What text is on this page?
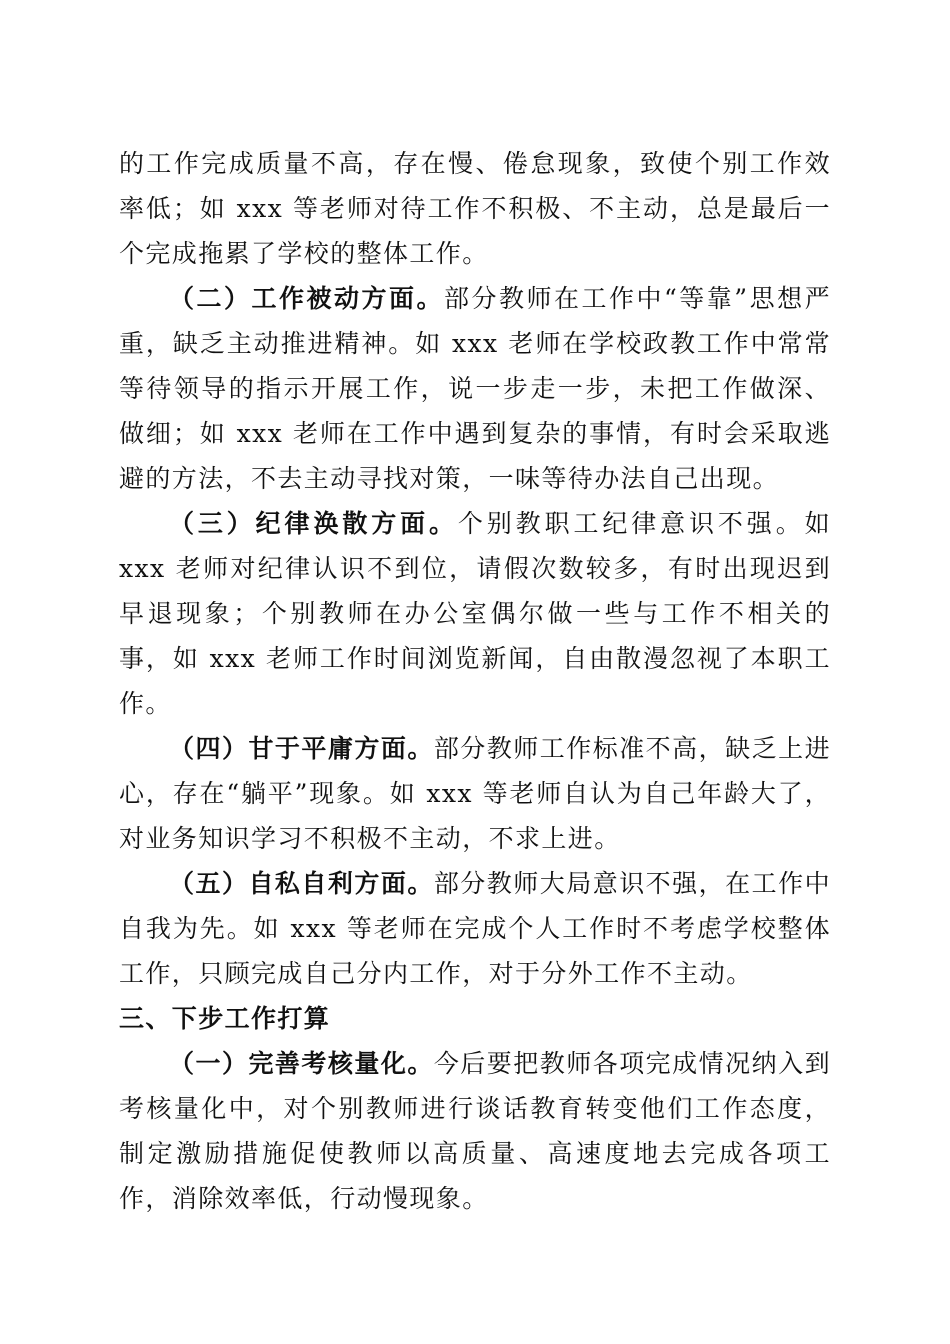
的工作完成质量不高，存在慢、倦怠现象，致使个别工作效率低；如 xxx 等老师对待工作不积极、不主动，总是最后一个完成拖累了学校的整体工作。

（二）工作被动方面。部分教师在工作中“等靠”思想严重，缺乏主动推进精神。如 xxx 老师在学校政教工作中常常等待领导的指示开展工作，说一步走一步，未把工作做深、做细；如 xxx 老师在工作中遇到复杂的事情，有时会采取逃避的方法，不去主动寻找对策，一味等待办法自己出现。

（三）纪律涣散方面。个别教职工纪律意识不强。如 xxx 老师对纪律认识不到位，请假次数较多，有时出现迟到早退现象；个别教师在办公室偶尔做一些与工作不相关的事，如 xxx 老师工作时间浏览新闻，自由散漫忽视了本职工作。

（四）甘于平庸方面。部分教师工作标准不高，缺乏上进心，存在“躺平”现象。如 xxx 等老师自认为自己年龄大了，对业务知识学习不积极不主动，不求上进。

（五）自私自利方面。部分教师大局意识不强，在工作中自我为先。如 xxx 等老师在完成个人工作时不考虑学校整体工作，只顾完成自己分内工作，对于分外工作不主动。

三、下步工作打算

（一）完善考核量化。今后要把教师各项完成情况纳入到考核量化中，对个别教师进行谈话教育转变他们工作态度，制定激励措施促使教师以高质量、高速度地去完成各项工作，消除效率低，行动慢现象。
